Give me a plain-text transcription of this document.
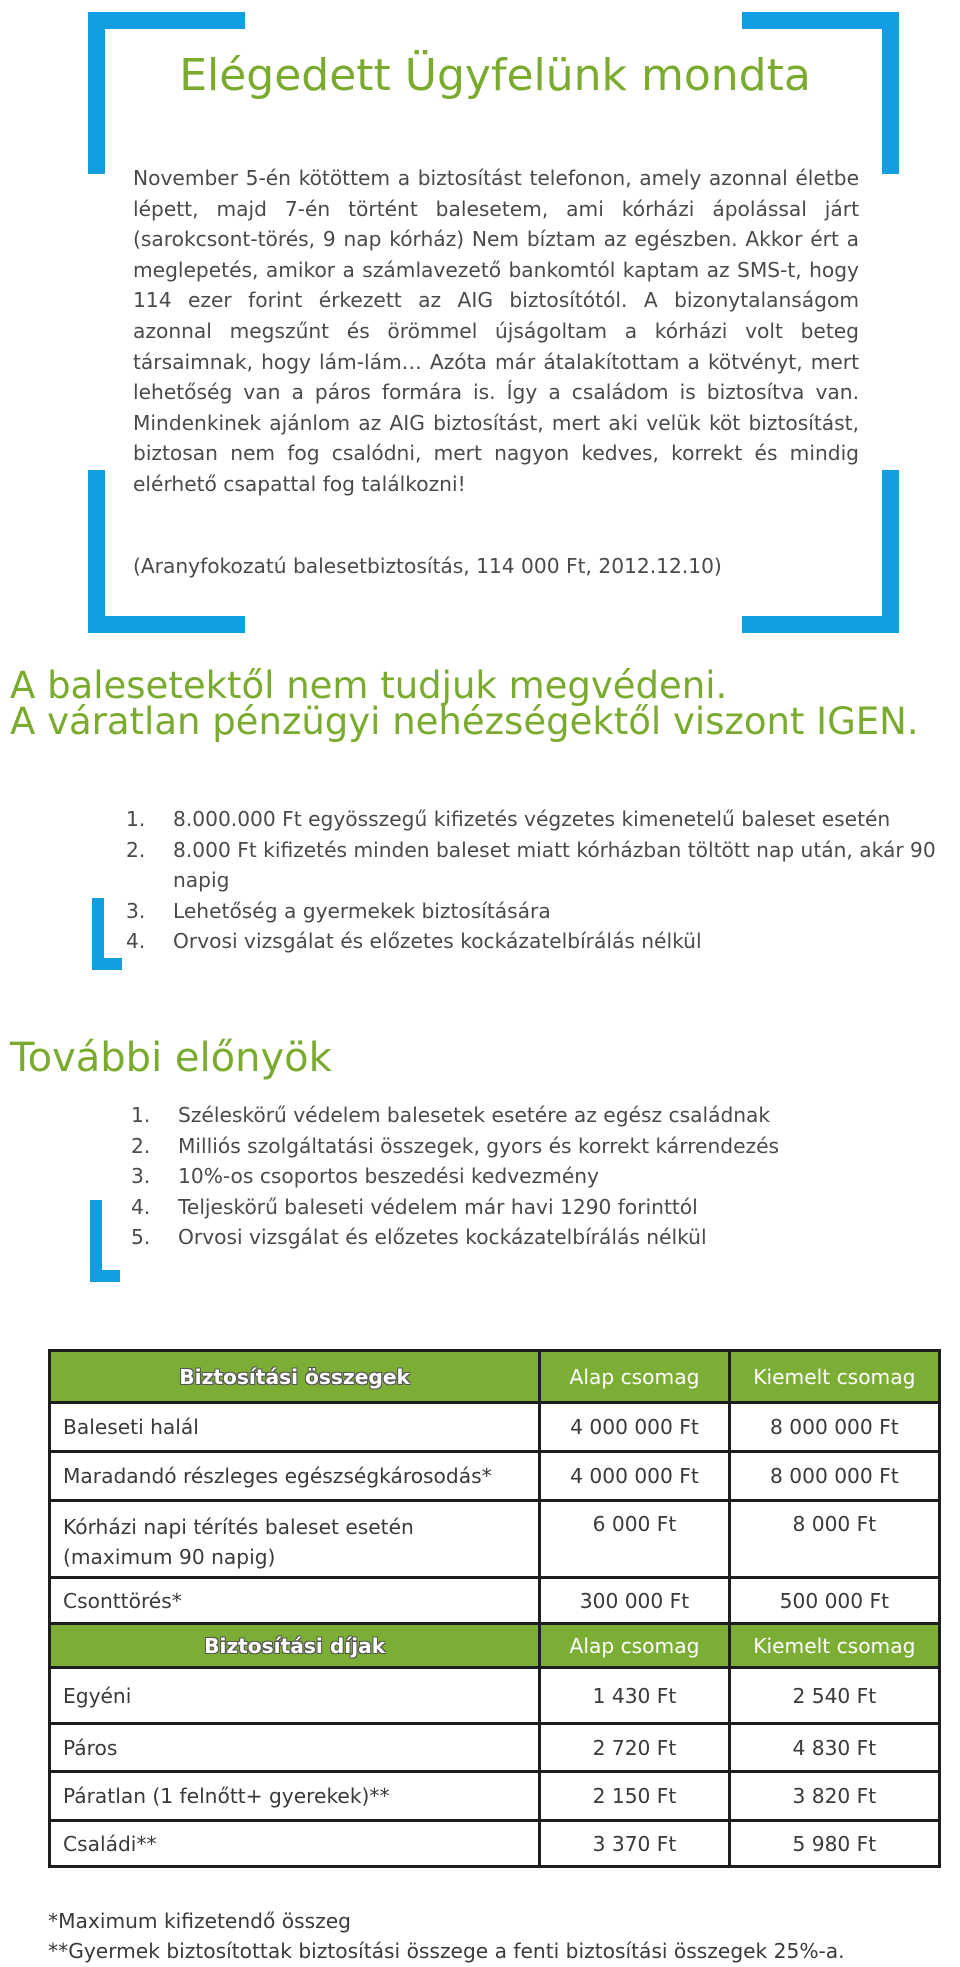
Elégedett Ügyfelünk mondta

November 5-én kötöttem a biztosítást telefonon, amely azonnal életbe lépett, majd 7-én történt balesetem, ami kórházi ápolással járt (sarokcsont-törés, 9 nap kórház) Nem bíztam az egészben. Akkor ért a meglepetés, amikor a számlavezető bankomtól kaptam az SMS-t, hogy 114 ezer forint érkezett az AIG biztosítótól. A bizonytalanságom azonnal megszűnt és örömmel újságoltam a kórházi volt beteg társaimnak, hogy lám-lám… Azóta már átalakítottam a kötvényt, mert lehetőség van a páros formára is. Így a családom is biztosítva van. Mindenkinek ajánlom az AIG biztosítást, mert aki velük köt biztosítást, biztosan nem fog csalódni, mert nagyon kedves, korrekt és mindig elérhető csapattal fog találkozni!

(Aranyfokozatú balesetbiztosítás, 114 000 Ft, 2012.12.10)

A balesetektől nem tudjuk megvédeni.
A váratlan pénzügyi nehézségektől viszont IGEN.
1. 8.000.000 Ft egyösszegű kifizetés végzetes kimenetelű baleset esetén
2. 8.000 Ft kifizetés minden baleset miatt kórházban töltött nap után, akár 90 napig
3. Lehetőség a gyermekek biztosítására
4. Orvosi vizsgálat és előzetes kockázatelbírálás nélkül
További előnyök
1. Széleskörű védelem balesetek esetére az egész családnak
2. Milliós szolgáltatási összegek, gyors és korrekt kárrendezés
3. 10%-os csoportos beszedési kedvezmény
4. Teljeskörű baleseti védelem már havi 1290 forinttól
5. Orvosi vizsgálat és előzetes kockázatelbírálás nélkül
Biztosítási összegek	Alap csomag	Kiemelt csomag
Baleseti halál	4 000 000 Ft	8 000 000 Ft
Maradandó részleges egészségkárosodás*	4 000 000 Ft	8 000 000 Ft
Kórházi napi térítés baleset esetén (maximum 90 napig)	6 000 Ft	8 000 Ft
Csonttörés*	300 000 Ft	500 000 Ft
Biztosítási díjak	Alap csomag	Kiemelt csomag
Egyéni	1 430 Ft	2 540 Ft
Páros	2 720 Ft	4 830 Ft
Páratlan (1 felnőtt+ gyerekek)**	2 150 Ft	3 820 Ft
Családi**	3 370 Ft	5 980 Ft
*Maximum kifizetendő összeg
**Gyermek biztosítottak biztosítási összege a fenti biztosítási összegek 25%-a.
